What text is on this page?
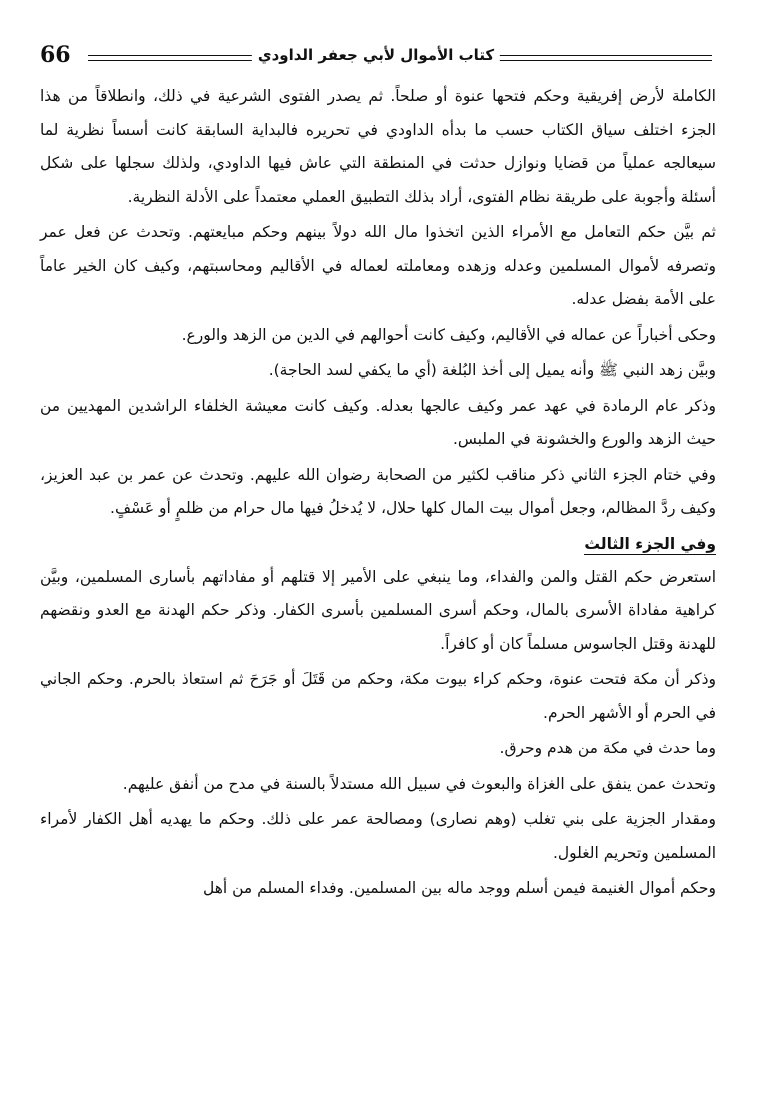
66	كتاب الأموال لأبي جعفر الداودي

الكاملة لأرض إفريقية وحكم فتحها عنوة أو صلحاً. ثم يصدر الفتوى الشرعية في ذلك، وانطلاقاً من هذا الجزء اختلف سياق الكتاب حسب ما بدأه الداودي في تحريره فالبداية السابقة كانت أسساً نظرية لما سيعالجه عملياً من قضايا ونوازل حدثت في المنطقة التي عاش فيها الداودي، ولذلك سجلها على شكل أسئلة وأجوبة على طريقة نظام الفتوى، أراد بذلك التطبيق العملي معتمداً على الأدلة النظرية.

ثم بيَّن حكم التعامل مع الأمراء الذين اتخذوا مال الله دولاً بينهم وحكم مبايعتهم. وتحدث عن فعل عمر وتصرفه لأموال المسلمين وعدله وزهده ومعاملته لعماله في الأقاليم ومحاسبتهم، وكيف كان الخير عاماً على الأمة بفضل عدله.

وحكى أخباراً عن عماله في الأقاليم، وكيف كانت أحوالهم في الدين من الزهد والورع.

وبيَّن زهد النبي ﷺ وأنه يميل إلى أخذ البُلغة (أي ما يكفي لسد الحاجة).

وذكر عام الرمادة في عهد عمر وكيف عالجها بعدله. وكيف كانت معيشة الخلفاء الراشدين المهديين من حيث الزهد والورع والخشونة في الملبس.

وفي ختام الجزء الثاني ذكر مناقب لكثير من الصحابة رضوان الله عليهم. وتحدث عن عمر بن عبد العزيز، وكيف ردَّ المظالم، وجعل أموال بيت المال كلها حلال، لا يُدخلُ فيها مال حرام من ظلمٍ أو عَسْفٍ.

وفي الجزء الثالث

استعرض حكم القتل والمن والفداء، وما ينبغي على الأمير إلا قتلهم أو مفاداتهم بأسارى المسلمين، وبيَّن كراهية مفاداة الأسرى بالمال، وحكم أسرى المسلمين بأسرى الكفار. وذكر حكم الهدنة مع العدو ونقضهم للهدنة وقتل الجاسوس مسلماً كان أو كافراً.

وذكر أن مكة فتحت عنوة، وحكم كراء بيوت مكة، وحكم من قَتَلَ أو جَرَحَ ثم استعاذ بالحرم. وحكم الجاني في الحرم أو الأشهر الحرم.

وما حدث في مكة من هدم وحرق.

وتحدث عمن ينفق على الغزاة والبعوث في سبيل الله مستدلاً بالسنة في مدح من أنفق عليهم.

ومقدار الجزية على بني تغلب (وهم نصارى) ومصالحة عمر على ذلك. وحكم ما يهديه أهل الكفار لأمراء المسلمين وتحريم الغلول.

وحكم أموال الغنيمة فيمن أسلم ووجد ماله بين المسلمين. وفداء المسلم من أهل
